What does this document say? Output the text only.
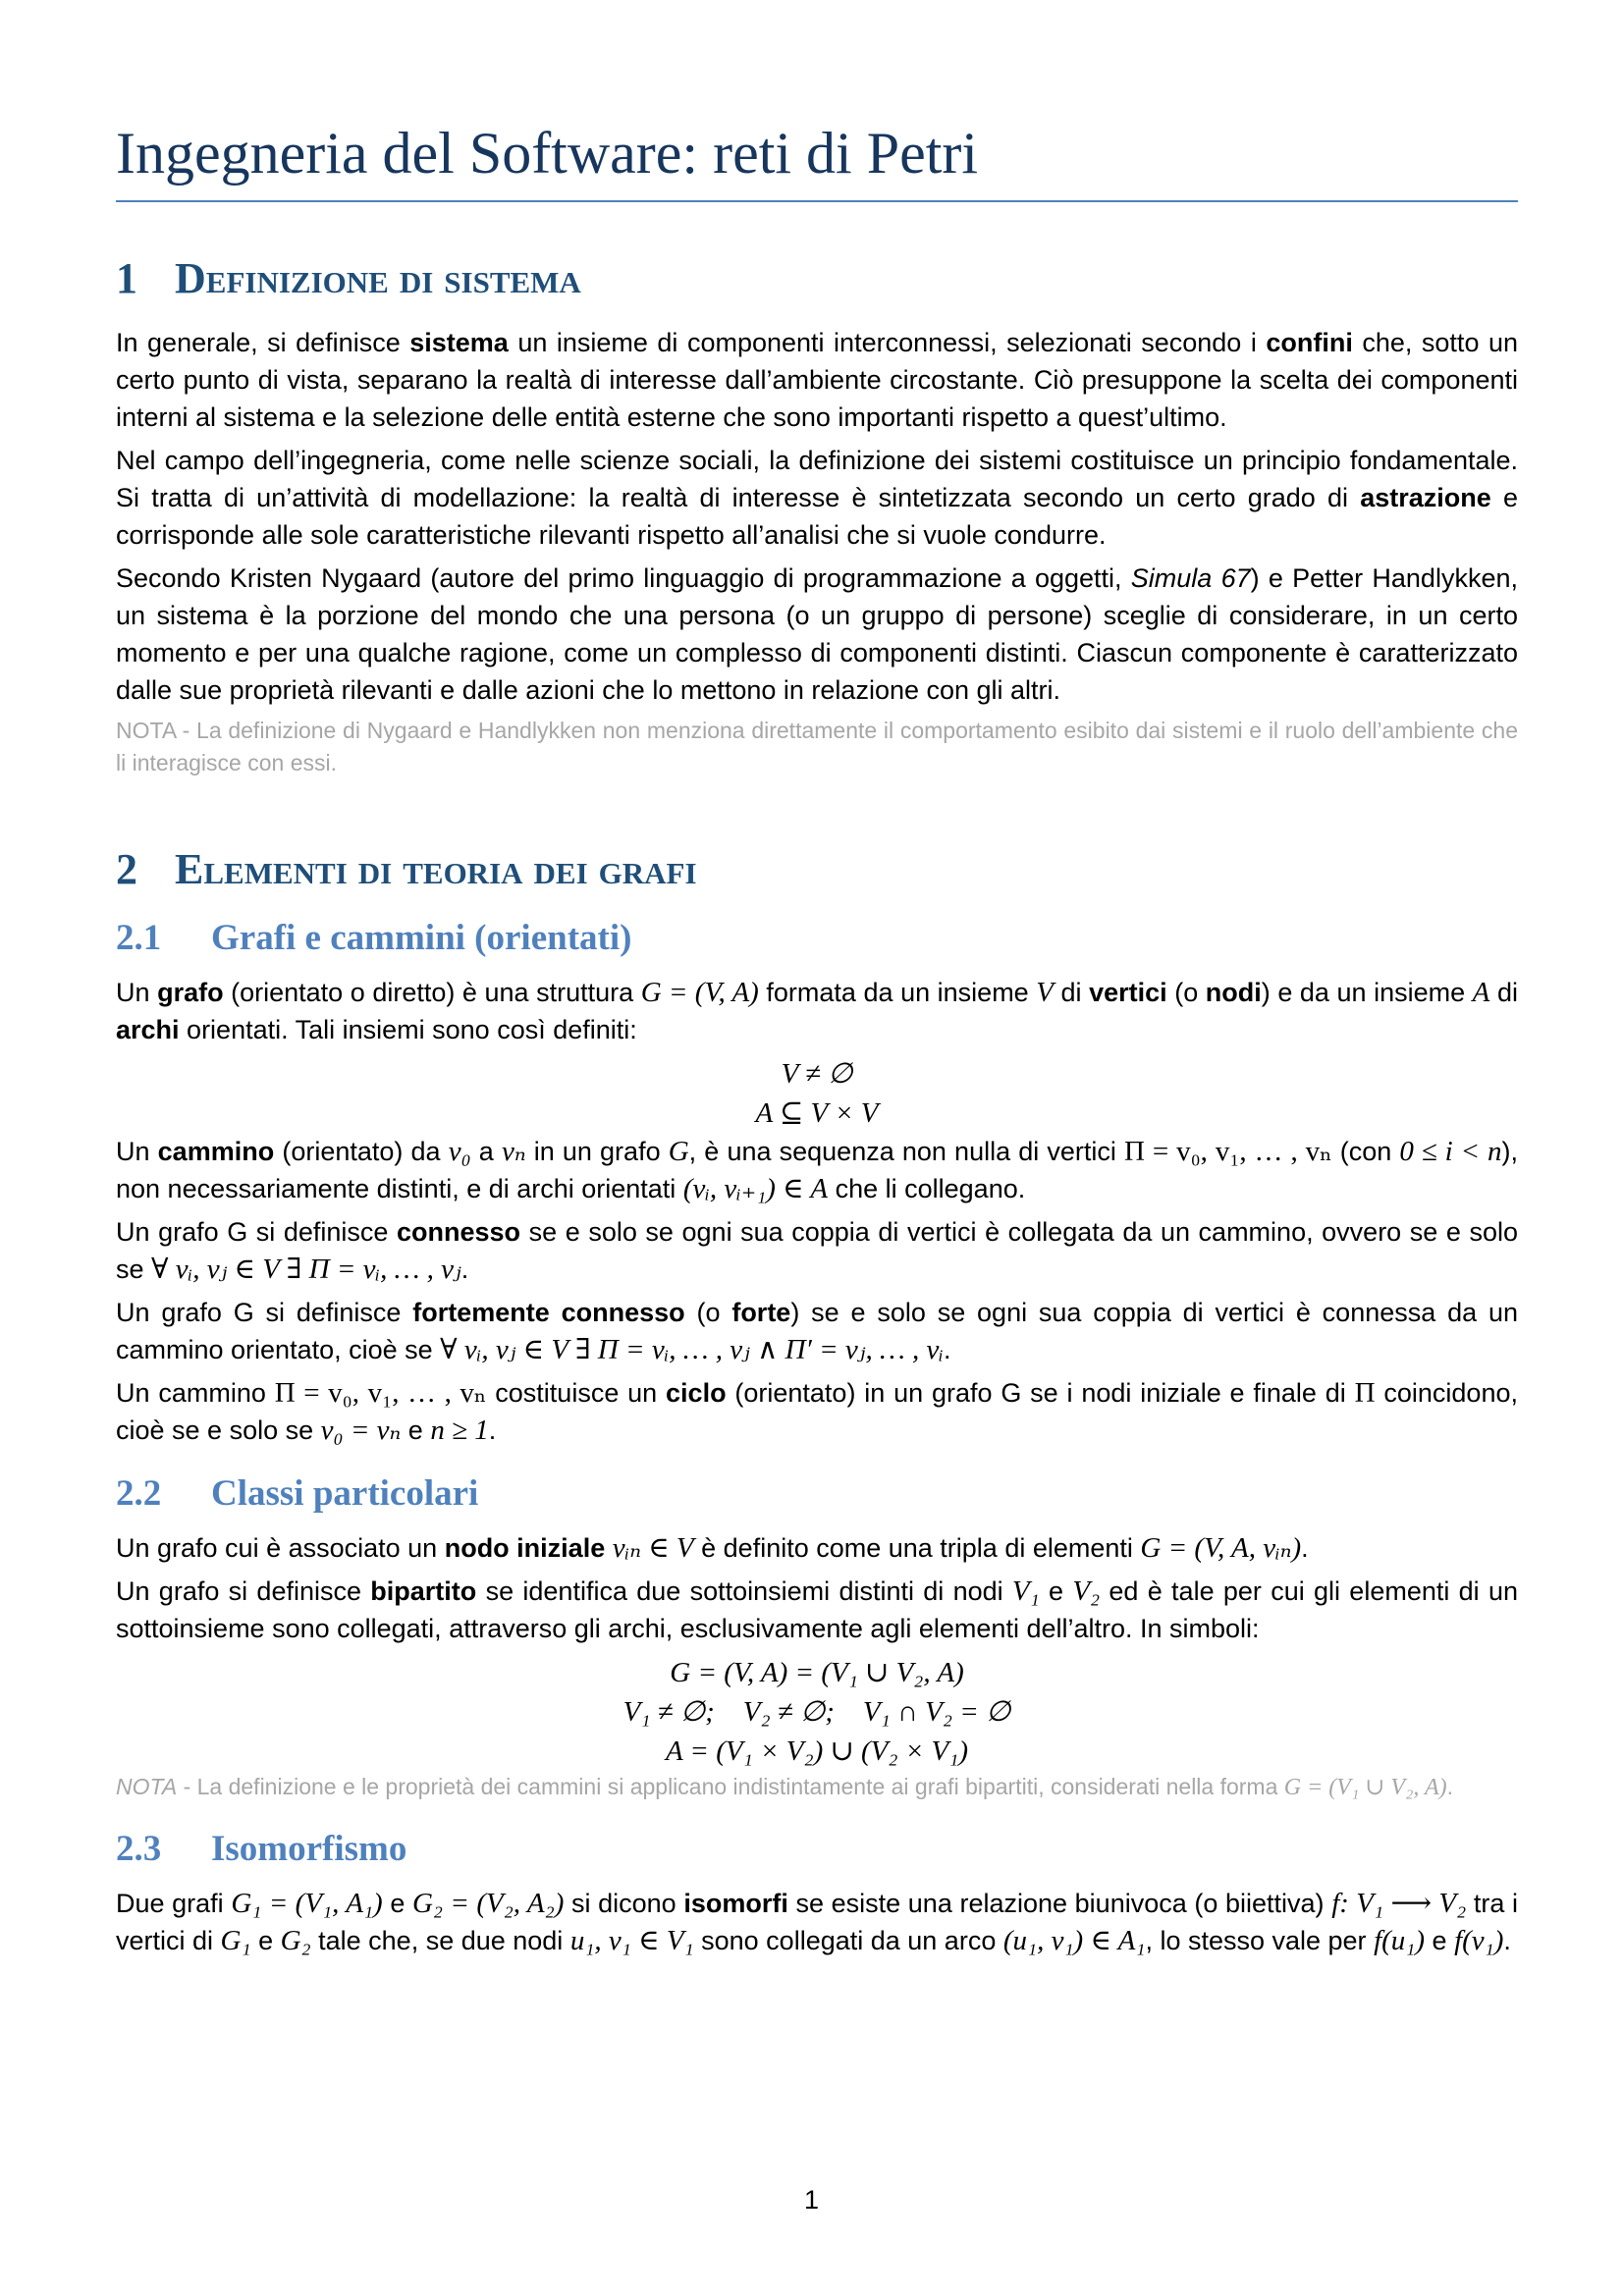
Ingegneria del Software: reti di Petri
1 Definizione di sistema

In generale, si definisce sistema un insieme di componenti interconnessi, selezionati secondo i confini che, sotto un certo punto di vista, separano la realtà di interesse dall’ambiente circostante. Ciò presuppone la scelta dei componenti interni al sistema e la selezione delle entità esterne che sono importanti rispetto a quest’ultimo.

Nel campo dell’ingegneria, come nelle scienze sociali, la definizione dei sistemi costituisce un principio fondamentale. Si tratta di un’attività di modellazione: la realtà di interesse è sintetizzata secondo un certo grado di astrazione e corrisponde alle sole caratteristiche rilevanti rispetto all’analisi che si vuole condurre.

Secondo Kristen Nygaard (autore del primo linguaggio di programmazione a oggetti, Simula 67) e Petter Handlykken, un sistema è la porzione del mondo che una persona (o un gruppo di persone) sceglie di considerare, in un certo momento e per una qualche ragione, come un complesso di componenti distinti. Ciascun componente è caratterizzato dalle sue proprietà rilevanti e dalle azioni che lo mettono in relazione con gli altri.

NOTA - La definizione di Nygaard e Handlykken non menziona direttamente il comportamento esibito dai sistemi e il ruolo dell’ambiente che li interagisce con essi.

2 Elementi di teoria dei grafi
2.1	Grafi e cammini (orientati)

Un grafo (orientato o diretto) è una struttura G = (V, A) formata da un insieme V di vertici (o nodi) e da un insieme A di archi orientati. Tali insiemi sono così definiti:

V ≠ ∅

A ⊆ V × V

Un cammino (orientato) da v₀ a vₙ in un grafo G, è una sequenza non nulla di vertici Π = v₀, v₁, … , vₙ (con 0 ≤ i < n), non necessariamente distinti, e di archi orientati (vᵢ, vᵢ₊₁) ∈ A che li collegano.

Un grafo G si definisce connesso se e solo se ogni sua coppia di vertici è collegata da un cammino, ovvero se e solo se ∀ vᵢ, vⱼ ∈ V ∃ Π = vᵢ, … , vⱼ.

Un grafo G si definisce fortemente connesso (o forte) se e solo se ogni sua coppia di vertici è connessa da un cammino orientato, cioè se ∀ vᵢ, vⱼ ∈ V ∃ Π = vᵢ, … , vⱼ ∧ Π′ = vⱼ, … , vᵢ.

Un cammino Π = v₀, v₁, … , vₙ costituisce un ciclo (orientato) in un grafo G se i nodi iniziale e finale di Π coincidono, cioè se e solo se v₀ = vₙ e n ≥ 1.

2.2	Classi particolari

Un grafo cui è associato un nodo iniziale vᵢₙ ∈ V è definito come una tripla di elementi G = (V, A, vᵢₙ).

Un grafo si definisce bipartito se identifica due sottoinsiemi distinti di nodi V₁ e V₂ ed è tale per cui gli elementi di un sottoinsieme sono collegati, attraverso gli archi, esclusivamente agli elementi dell’altro. In simboli:

G = (V, A) = (V₁ ∪ V₂, A)

V₁ ≠ ∅;    V₂ ≠ ∅;    V₁ ∩ V₂ = ∅

A = (V₁ × V₂) ∪ (V₂ × V₁)

NOTA - La definizione e le proprietà dei cammini si applicano indistintamente ai grafi bipartiti, considerati nella forma G = (V₁ ∪ V₂, A).

2.3	Isomorfismo

Due grafi G₁ = (V₁, A₁) e G₂ = (V₂, A₂) si dicono isomorfi se esiste una relazione biunivoca (o biiettiva) f: V₁ ⟶ V₂ tra i vertici di G₁ e G₂ tale che, se due nodi u₁, v₁ ∈ V₁ sono collegati da un arco (u₁, v₁) ∈ A₁, lo stesso vale per f(u₁) e f(v₁).

1
